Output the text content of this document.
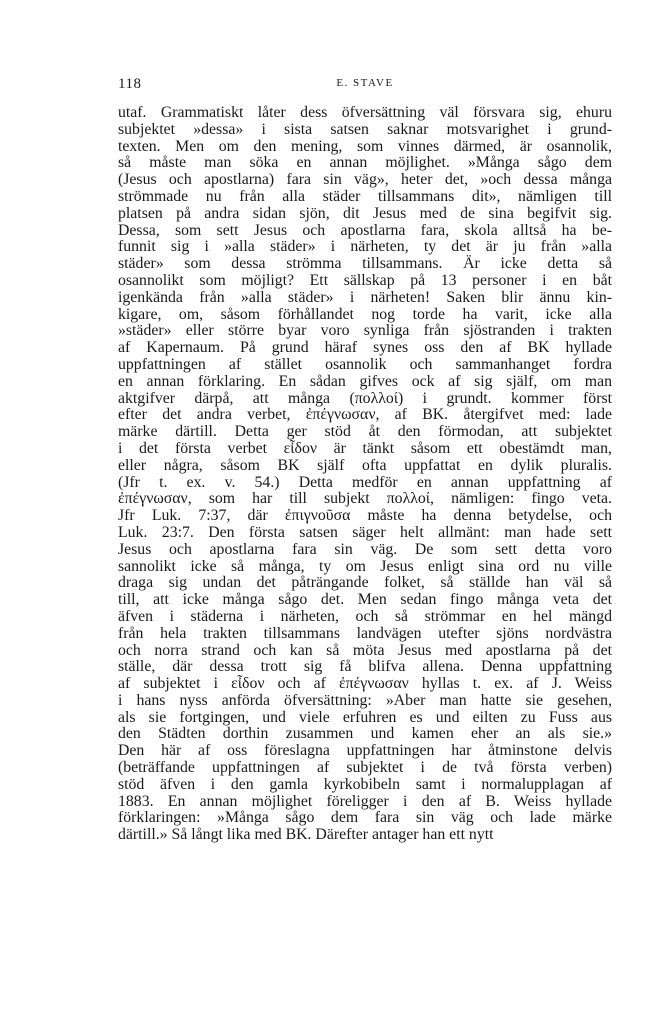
118	E. STAVE
utaf. Grammatiskt låter dess öfversättning väl försvara sig, ehuru
subjektet »dessa» i sista satsen saknar motsvarighet i grund-
texten. Men om den mening, som vinnes därmed, är osannolik,
så måste man söka en annan möjlighet. »Många sågo dem
(Jesus och apostlarna) fara sin väg», heter det, »och dessa många
strömmade nu från alla städer tillsammans dit», nämligen till
platsen på andra sidan sjön, dit Jesus med de sina begifvit sig.
Dessa, som sett Jesus och apostlarna fara, skola alltså ha be-
funnit sig i »alla städer» i närheten, ty det är ju från »alla
städer» som dessa strömma tillsammans. Är icke detta så
osannolikt som möjligt? Ett sällskap på 13 personer i en båt
igenkända från »alla städer» i närheten! Saken blir ännu kin-
kigare, om, såsom förhållandet nog torde ha varit, icke alla
»städer» eller större byar voro synliga från sjöstranden i trakten
af Kapernaum. På grund häraf synes oss den af BK hyllade
uppfattningen af stället osannolik och sammanhanget fordra
en annan förklaring. En sådan gifves ock af sig själf, om man
aktgifver därpå, att många (πολλοί) i grundt. kommer först
efter det andra verbet, ἐπέγνωσαν, af BK. återgifvet med: lade
märke därtill. Detta ger stöd åt den förmodan, att subjektet
i det första verbet εἶδον är tänkt såsom ett obestämdt man,
eller några, såsom BK själf ofta uppfattat en dylik pluralis.
(Jfr t. ex. v. 54.) Detta medför en annan uppfattning af
ἐπέγνωσαν, som har till subjekt πολλοί, nämligen: fingo veta.
Jfr Luk. 7:37, där ἐπιγνοῦσα måste ha denna betydelse, och
Luk. 23:7. Den första satsen säger helt allmänt: man hade sett
Jesus och apostlarna fara sin väg. De som sett detta voro
sannolikt icke så många, ty om Jesus enligt sina ord nu ville
draga sig undan det påträngande folket, så ställde han väl så
till, att icke många sågo det. Men sedan fingo många veta det
äfven i städerna i närheten, och så strömmar en hel mängd
från hela trakten tillsammans landvägen utefter sjöns nordvästra
och norra strand och kan så möta Jesus med apostlarna på det
ställe, där dessa trott sig få blifva allena. Denna uppfattning
af subjektet i εἶδον och af ἐπέγνωσαν hyllas t. ex. af J. Weiss
i hans nyss anförda öfversättning: »Aber man hatte sie gesehen,
als sie fortgingen, und viele erfuhren es und eilten zu Fuss aus
den Städten dorthin zusammen und kamen eher an als sie.»
Den här af oss föreslagna uppfattningen har åtminstone delvis
(beträffande uppfattningen af subjektet i de två första verben)
stöd äfven i den gamla kyrkobibeln samt i normalupplagan af
1883. En annan möjlighet föreligger i den af B. Weiss hyllade
förklaringen: »Många sågo dem fara sin väg och lade märke
därtill.» Så långt lika med BK. Därefter antager han ett nytt
